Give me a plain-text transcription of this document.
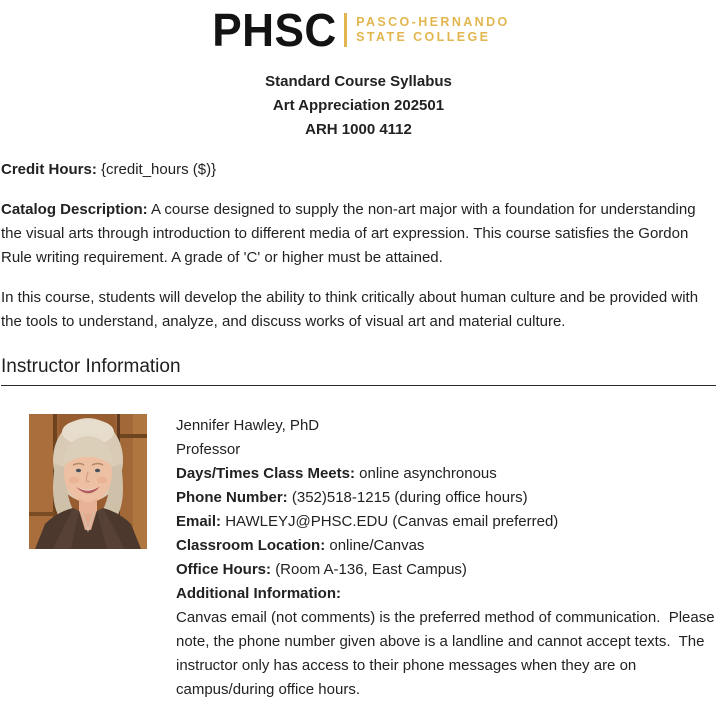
PHSC PASCO-HERNANDO
STATE COLLEGE
Standard Course Syllabus
Art Appreciation 202501
ARH 1000 4112

Credit Hours: {credit_hours ($)}

Catalog Description: A course designed to supply the non-art major with a foundation for understanding the visual arts through introduction to different media of art expression. This course satisfies the Gordon Rule writing requirement. A grade of 'C' or higher must be attained.

In this course, students will develop the ability to think critically about human culture and be provided with the tools to understand, analyze, and discuss works of visual art and material culture.

Instructor Information
Jennifer Hawley, PhD
Professor
Days/Times Class Meets: online asynchronous
Phone Number: (352)518-1215 (during office hours)
Email: HAWLEYJ@PHSC.EDU (Canvas email preferred)
Classroom Location: online/Canvas
Office Hours: (Room A-136, East Campus)
Additional Information:
Canvas email (not comments) is the preferred method of communication.  Please note, the phone number given above is a landline and cannot accept texts.  The instructor only has access to their phone messages when they are on campus/during office hours.
